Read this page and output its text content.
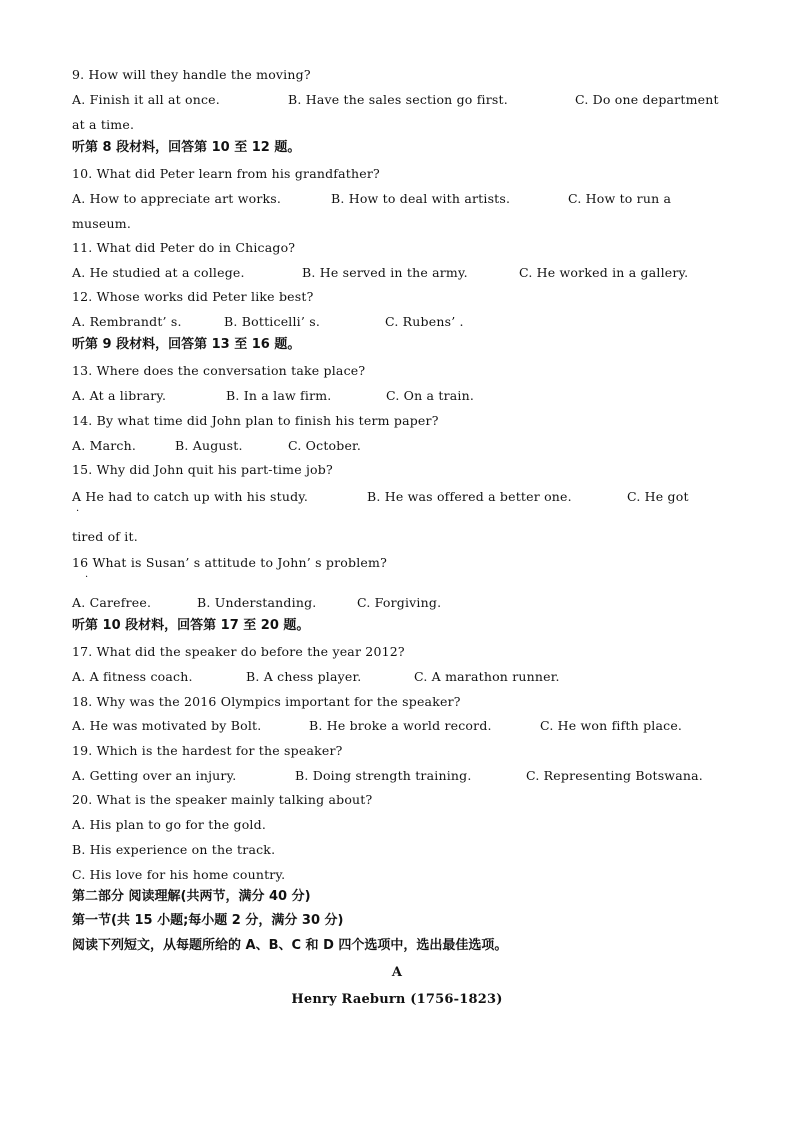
9. How will they handle the moving?
A. Finish it all at once.	B. Have the sales section go first.	C. Do one department
at a time.
听第 8 段材料，回答第 10 至 12 题。
10. What did Peter learn from his grandfather?
A. How to appreciate art works.	B. How to deal with artists.	C. How to run a
museum.
11. What did Peter do in Chicago?
A. He studied at a college.	B. He served in the army.	C. He worked in a gallery.
12. Whose works did Peter like best?
A. Rembrandt’ s.	B. Botticelli’ s.	C. Rubens’ .
听第 9 段材料，回答第 13 至 16 题。
13. Where does the conversation take place?
A. At a library.	B. In a law firm.	C. On a train.
14. By what time did John plan to finish his term paper?
A. March.	B. August.	C. October.
15. Why did John quit his part-time job?
A He had to catch up with his study.	B. He was offered a better one.	C. He got
·
tired of it.
16 What is Susan’ s attitude to John’ s problem?
·
A. Carefree.	B. Understanding.	C. Forgiving.
听第 10 段材料，回答第 17 至 20 题。
17. What did the speaker do before the year 2012?
A. A fitness coach.	B. A chess player.	C. A marathon runner.
18. Why was the 2016 Olympics important for the speaker?
A. He was motivated by Bolt.	B. He broke a world record.	C. He won fifth place.
19. Which is the hardest for the speaker?
A. Getting over an injury.	B. Doing strength training.	C. Representing Botswana.
20. What is the speaker mainly talking about?
A. His plan to go for the gold.
B. His experience on the track.
C. His love for his home country.
第二部分 阅读理解(共两节，满分 40 分)
第一节(共 15 小题;每小题 2 分，满分 30 分)
阅读下列短文，从每题所给的 A、B、C 和 D 四个选项中，选出最佳选项。
A
Henry Raeburn (1756-1823)
